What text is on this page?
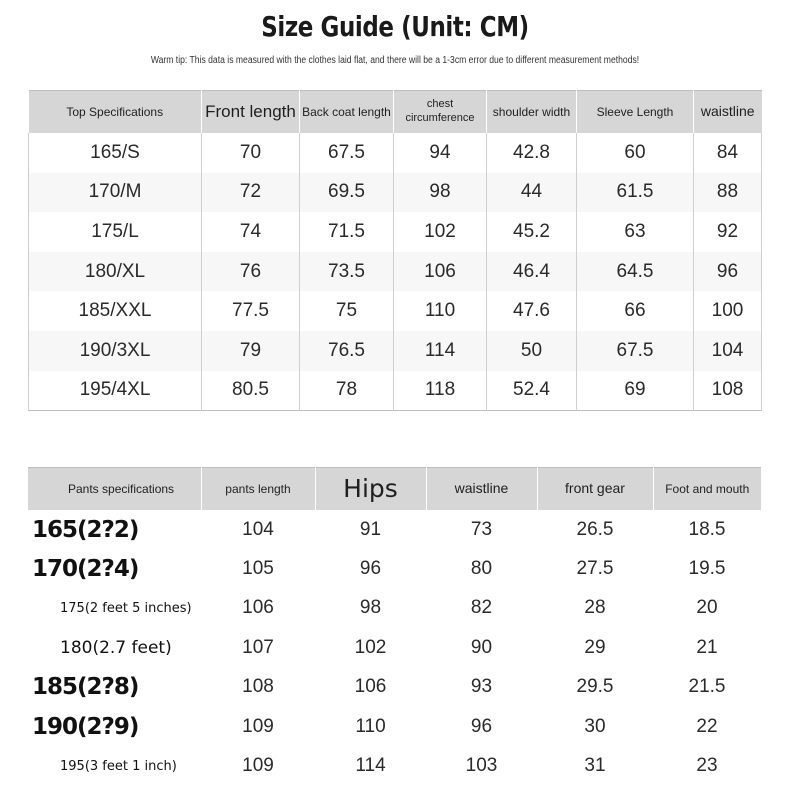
Size Guide (Unit: CM)
Warm tip: This data is measured with the clothes laid flat, and there will be a 1-3cm error due to different measurement methods!
Top Specifications	Front length	Back coat length	chest circumference	shoulder width	Sleeve Length	waistline
165/S	70	67.5	94	42.8	60	84
170/M	72	69.5	98	44	61.5	88
175/L	74	71.5	102	45.2	63	92
180/XL	76	73.5	106	46.4	64.5	96
185/XXL	77.5	75	110	47.6	66	100
190/3XL	79	76.5	114	50	67.5	104
195/4XL	80.5	78	118	52.4	69	108
Pants specifications	pants length	Hips	waistline	front gear	Foot and mouth
165(2?2)	104	91	73	26.5	18.5
170(2?4)	105	96	80	27.5	19.5
175(2 feet 5 inches)	106	98	82	28	20
180(2.7 feet)	107	102	90	29	21
185(2?8)	108	106	93	29.5	21.5
190(2?9)	109	110	96	30	22
195(3 feet 1 inch)	109	114	103	31	23
